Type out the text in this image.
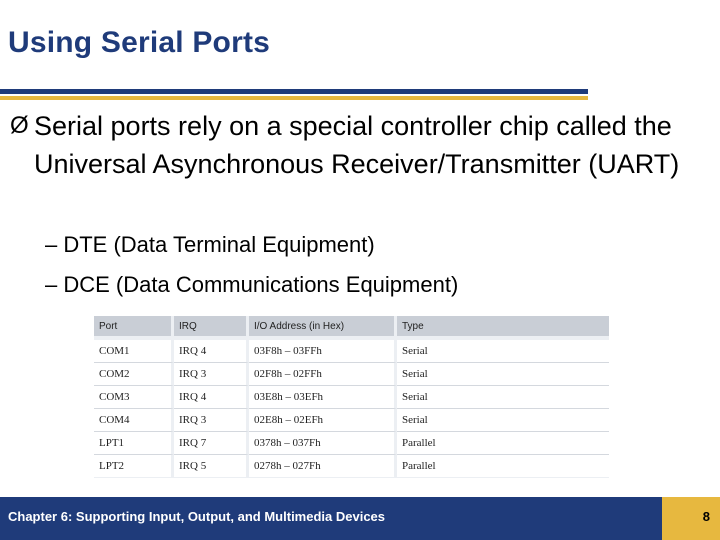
Using Serial Ports
Ø Serial ports rely on a special controller chip called the Universal Asynchronous Receiver/Transmitter (UART)
– DTE (Data Terminal Equipment)
– DCE (Data Communications Equipment)
Port	IRQ	I/O Address (in Hex)	Type
COM1	IRQ 4	03F8h – 03FFh	Serial
COM2	IRQ 3	02F8h – 02FFh	Serial
COM3	IRQ 4	03E8h – 03EFh	Serial
COM4	IRQ 3	02E8h – 02EFh	Serial
LPT1	IRQ 7	0378h – 037Fh	Parallel
LPT2	IRQ 5	0278h – 027Fh	Parallel
Chapter 6: Supporting Input, Output, and Multimedia Devices	8
